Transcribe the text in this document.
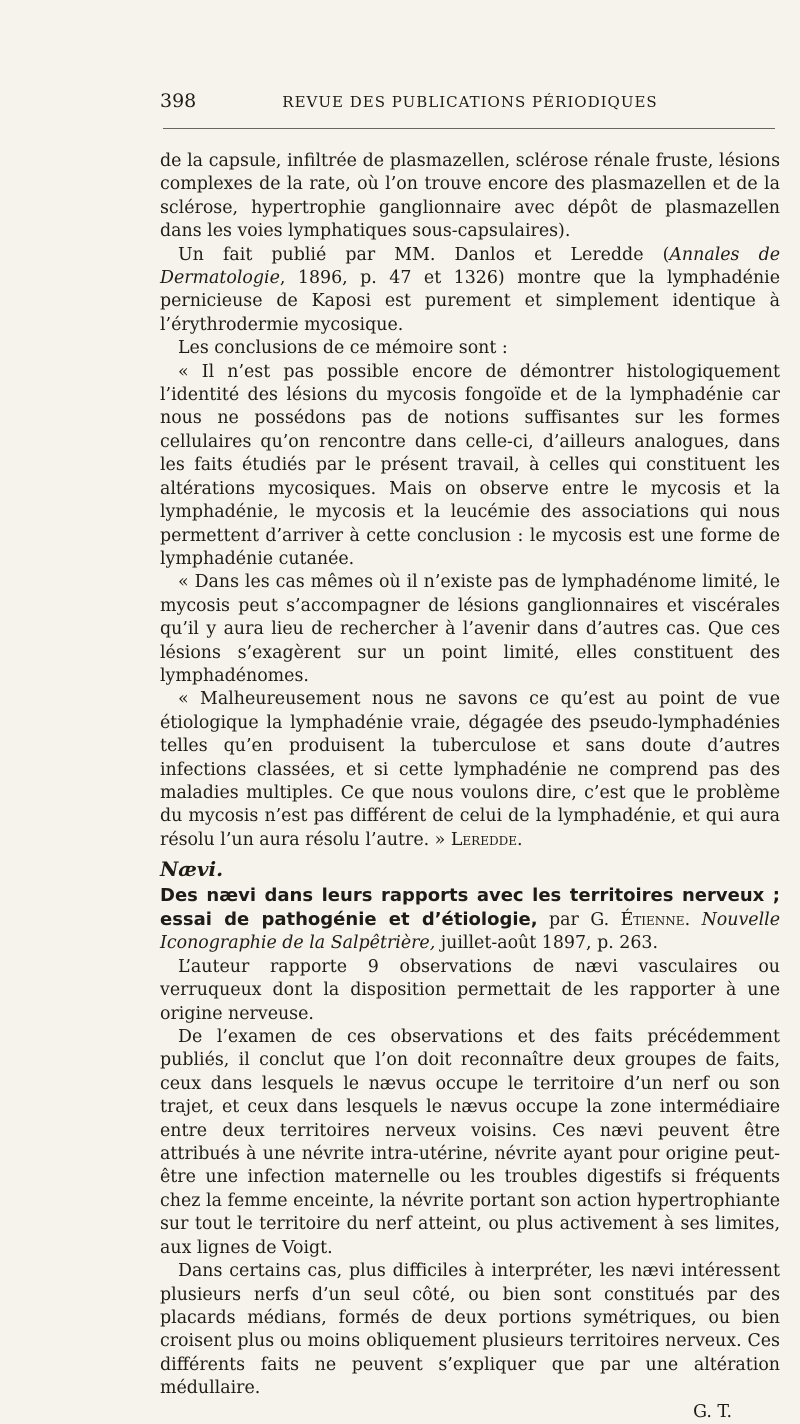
398	REVUE DES PUBLICATIONS PÉRIODIQUES

de la capsule, infiltrée de plasmazellen, sclérose rénale fruste, lésions complexes de la rate, où l’on trouve encore des plasmazellen et de la sclérose, hypertrophie ganglionnaire avec dépôt de plasmazellen dans les voies lymphatiques sous-capsulaires).

Un fait publié par MM. Danlos et Leredde (Annales de Dermatologie, 1896, p. 47 et 1326) montre que la lymphadénie pernicieuse de Kaposi est purement et simplement identique à l’érythrodermie mycosique.

Les conclusions de ce mémoire sont :

« Il n’est pas possible encore de démontrer histologiquement l’identité des lésions du mycosis fongoïde et de la lymphadénie car nous ne possédons pas de notions suffisantes sur les formes cellulaires qu’on rencontre dans celle-ci, d’ailleurs analogues, dans les faits étudiés par le présent travail, à celles qui constituent les altérations mycosiques. Mais on observe entre le mycosis et la lymphadénie, le mycosis et la leucémie des associations qui nous permettent d’arriver à cette conclusion : le mycosis est une forme de lymphadénie cutanée.

« Dans les cas mêmes où il n’existe pas de lymphadénome limité, le mycosis peut s’accompagner de lésions ganglionnaires et viscérales qu’il y aura lieu de rechercher à l’avenir dans d’autres cas. Que ces lésions s’exagèrent sur un point limité, elles constituent des lymphadénomes.

« Malheureusement nous ne savons ce qu’est au point de vue étiologique la lymphadénie vraie, dégagée des pseudo-lymphadénies telles qu’en produisent la tuberculose et sans doute d’autres infections classées, et si cette lymphadénie ne comprend pas des maladies multiples. Ce que nous voulons dire, c’est que le problème du mycosis n’est pas différent de celui de la lymphadénie, et qui aura résolu l’un aura résolu l’autre. » Leredde.

Nævi.

Des nævi dans leurs rapports avec les territoires nerveux ; essai de pathogénie et d’étiologie, par G. Étienne. Nouvelle Iconographie de la Salpêtrière, juillet-août 1897, p. 263.

L’auteur rapporte 9 observations de nævi vasculaires ou verruqueux dont la disposition permettait de les rapporter à une origine nerveuse.

De l’examen de ces observations et des faits précédemment publiés, il conclut que l’on doit reconnaître deux groupes de faits, ceux dans lesquels le nævus occupe le territoire d’un nerf ou son trajet, et ceux dans lesquels le nævus occupe la zone intermédiaire entre deux territoires nerveux voisins. Ces nævi peuvent être attribués à une névrite intra-utérine, névrite ayant pour origine peut-être une infection maternelle ou les troubles digestifs si fréquents chez la femme enceinte, la névrite portant son action hypertrophiante sur tout le territoire du nerf atteint, ou plus activement à ses limites, aux lignes de Voigt.

Dans certains cas, plus difficiles à interpréter, les nævi intéressent plusieurs nerfs d’un seul côté, ou bien sont constitués par des placards médians, formés de deux portions symétriques, ou bien croisent plus ou moins obliquement plusieurs territoires nerveux. Ces différents faits ne peuvent s’expliquer que par une altération médullaire.

G. T.
